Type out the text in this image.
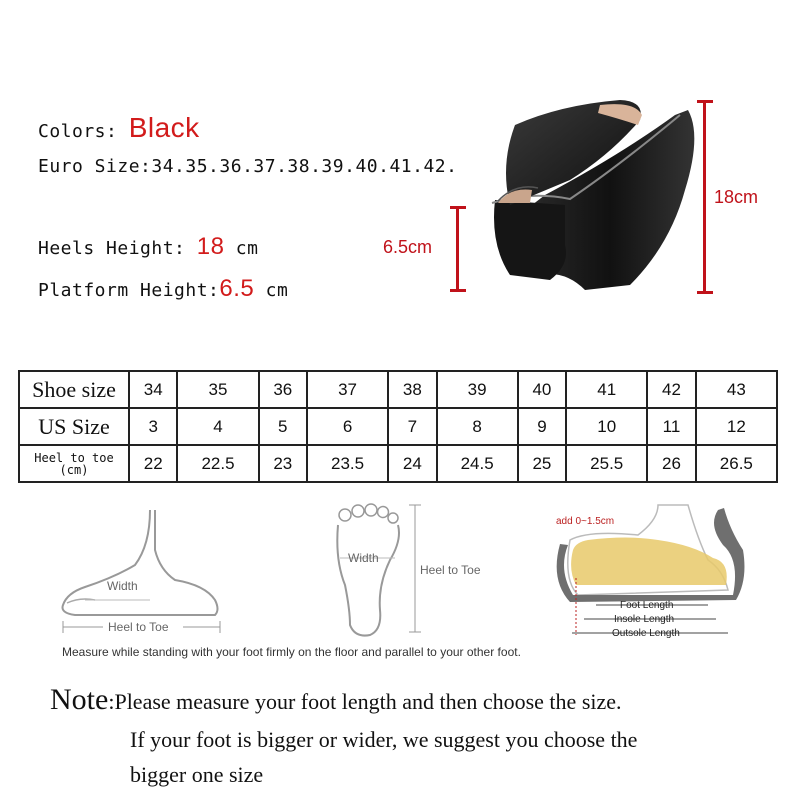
Colors: Black
Euro Size:34.35.36.37.38.39.40.41.42.
Heels Height: 18 cm
Platform Height:6.5 cm
6.5cm
18cm
Shoe size	34	35	36	37	38	39	40	41	42	43
US Size	3	4	5	6	7	8	9	10	11	12

Heel to toe
(cm)	22	22.5	23	23.5	24	24.5	25	25.5	26	26.5
Width
Heel to Toe
Width
Heel to Toe
add 0~1.5cm
Foot Length
Insole Length
Outsole Length
Measure while standing with your foot firmly on the floor and parallel to your other foot.
Note:Please measure your foot length and then choose the size.
If your foot is bigger or wider, we suggest you choose the
bigger one size
